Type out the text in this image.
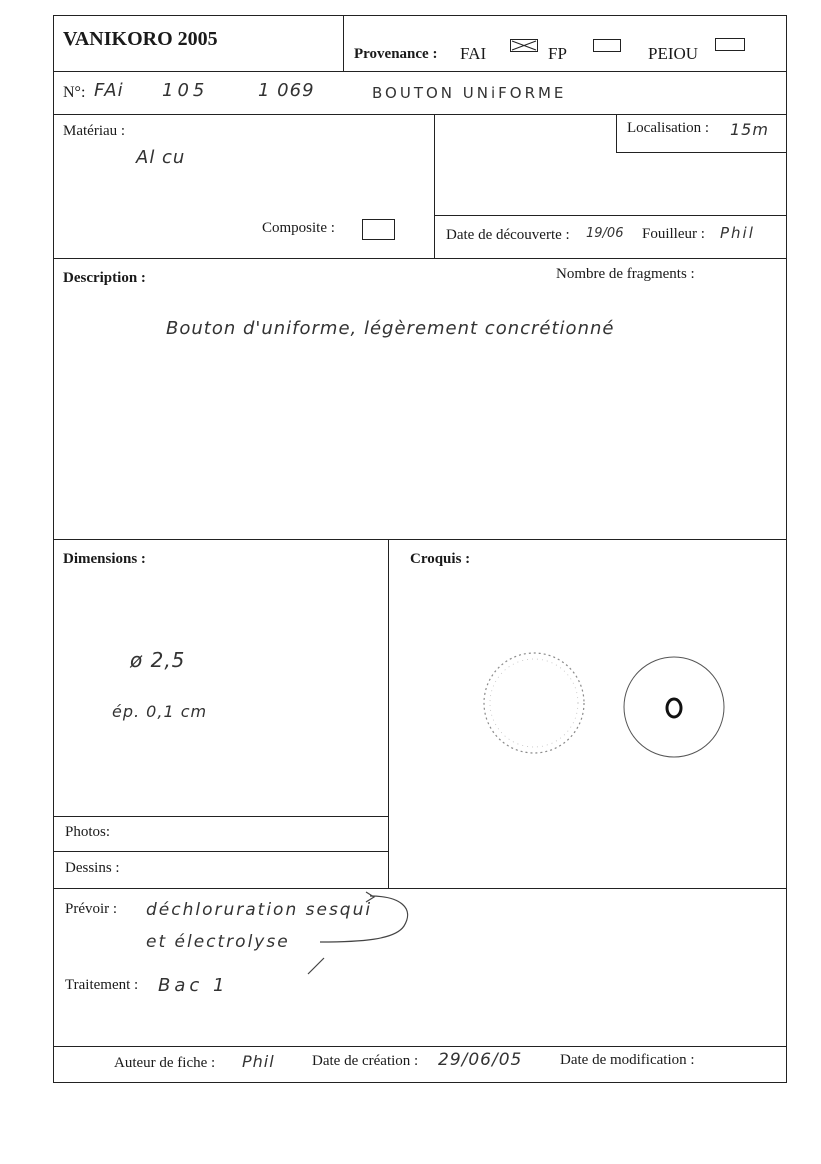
VANIKORO 2005
Provenance : FAI	FP	PEIOU
N°: FAi 105	1 069	BOUTON UNiFORME
Matériau :
Al cu
Composite :
Localisation : 15m
Date de découverte : 19/06 Fouilleur : Phil
Description :	Nombre de fragments :
Bouton d'uniforme, légèrement concrétionné
Dimensions :
ø 2,5
ép. 0,1 cm
Croquis :
Photos:
Dessins :
Prévoir : déchloruration sesqui
et électrolyse
Traitement : Bac 1
Auteur de fiche : Phil Date de création : 29/06/05	Date de modification :
